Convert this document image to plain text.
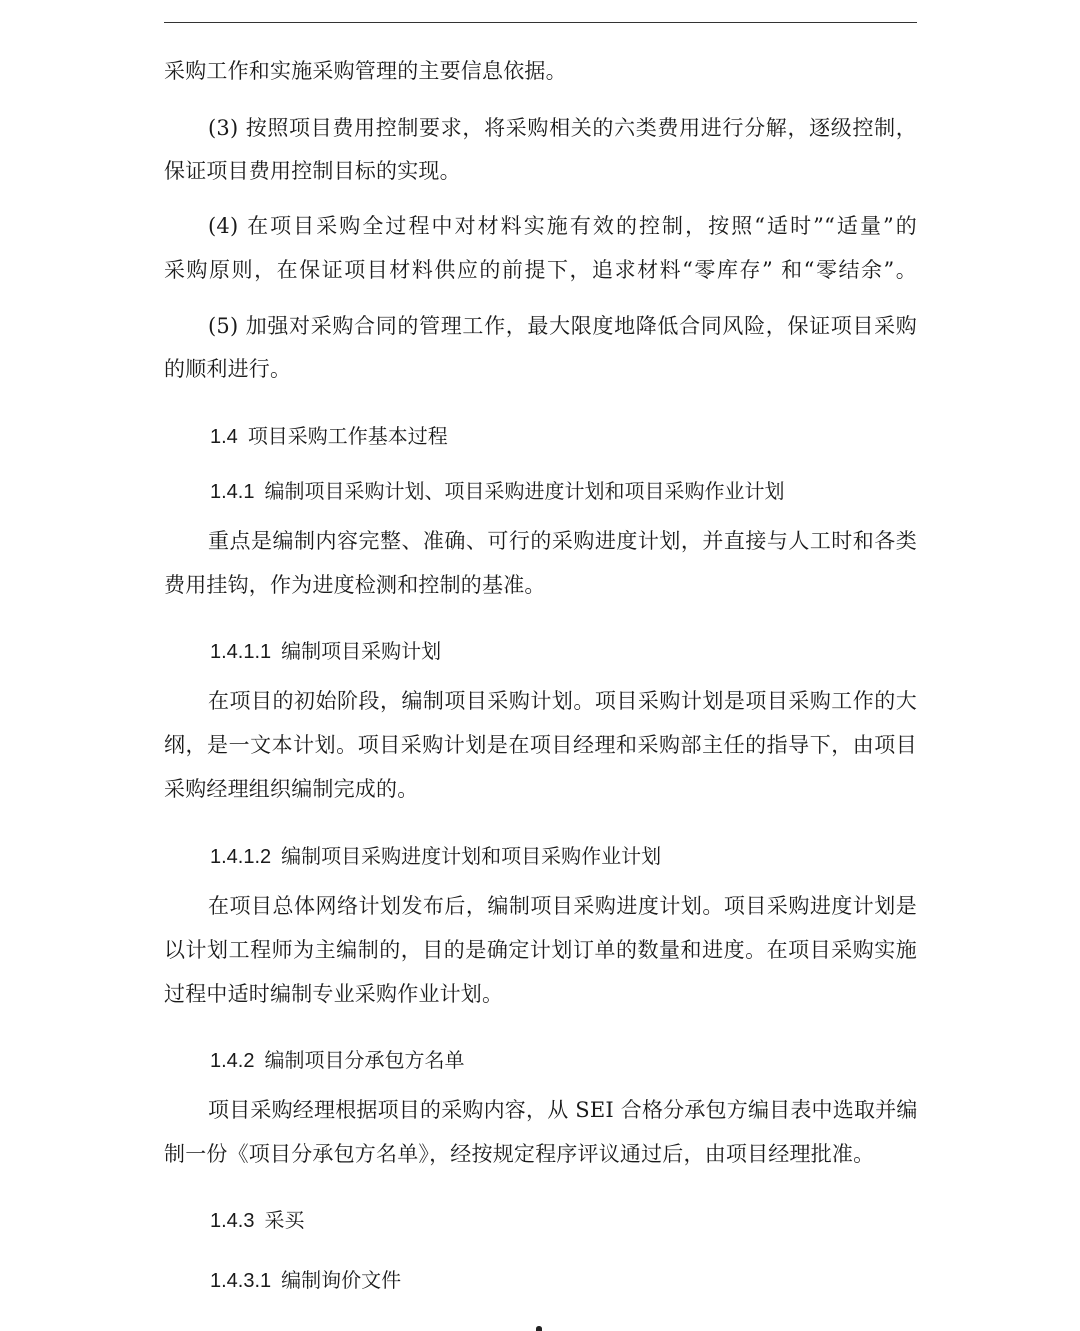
采购工作和实施采购管理的主要信息依据。
(3) 按照项目费用控制要求，将采购相关的六类费用进行分解，逐级控制，
保证项目费用控制目标的实现。
(4) 在项目采购全过程中对材料实施有效的控制，按照“适时”“适量”的
采购原则，在保证项目材料供应的前提下，追求材料“零库存” 和“零结余”。
(5) 加强对采购合同的管理工作，最大限度地降低合同风险，保证项目采购
的顺利进行。
1.4 项目采购工作基本过程
1.4.1 编制项目采购计划、项目采购进度计划和项目采购作业计划
重点是编制内容完整、准确、可行的采购进度计划，并直接与人工时和各类
费用挂钩，作为进度检测和控制的基准。
1.4.1.1 编制项目采购计划
在项目的初始阶段，编制项目采购计划。项目采购计划是项目采购工作的大
纲，是一文本计划。项目采购计划是在项目经理和采购部主任的指导下，由项目
采购经理组织编制完成的。
1.4.1.2 编制项目采购进度计划和项目采购作业计划
在项目总体网络计划发布后，编制项目采购进度计划。项目采购进度计划是
以计划工程师为主编制的，目的是确定计划订单的数量和进度。在项目采购实施
过程中适时编制专业采购作业计划。
1.4.2 编制项目分承包方名单
项目采购经理根据项目的采购内容，从 SEI 合格分承包方编目表中选取并编
制一份《项目分承包方名单》，经按规定程序评议通过后，由项目经理批准。
1.4.3 采买
1.4.3.1 编制询价文件
